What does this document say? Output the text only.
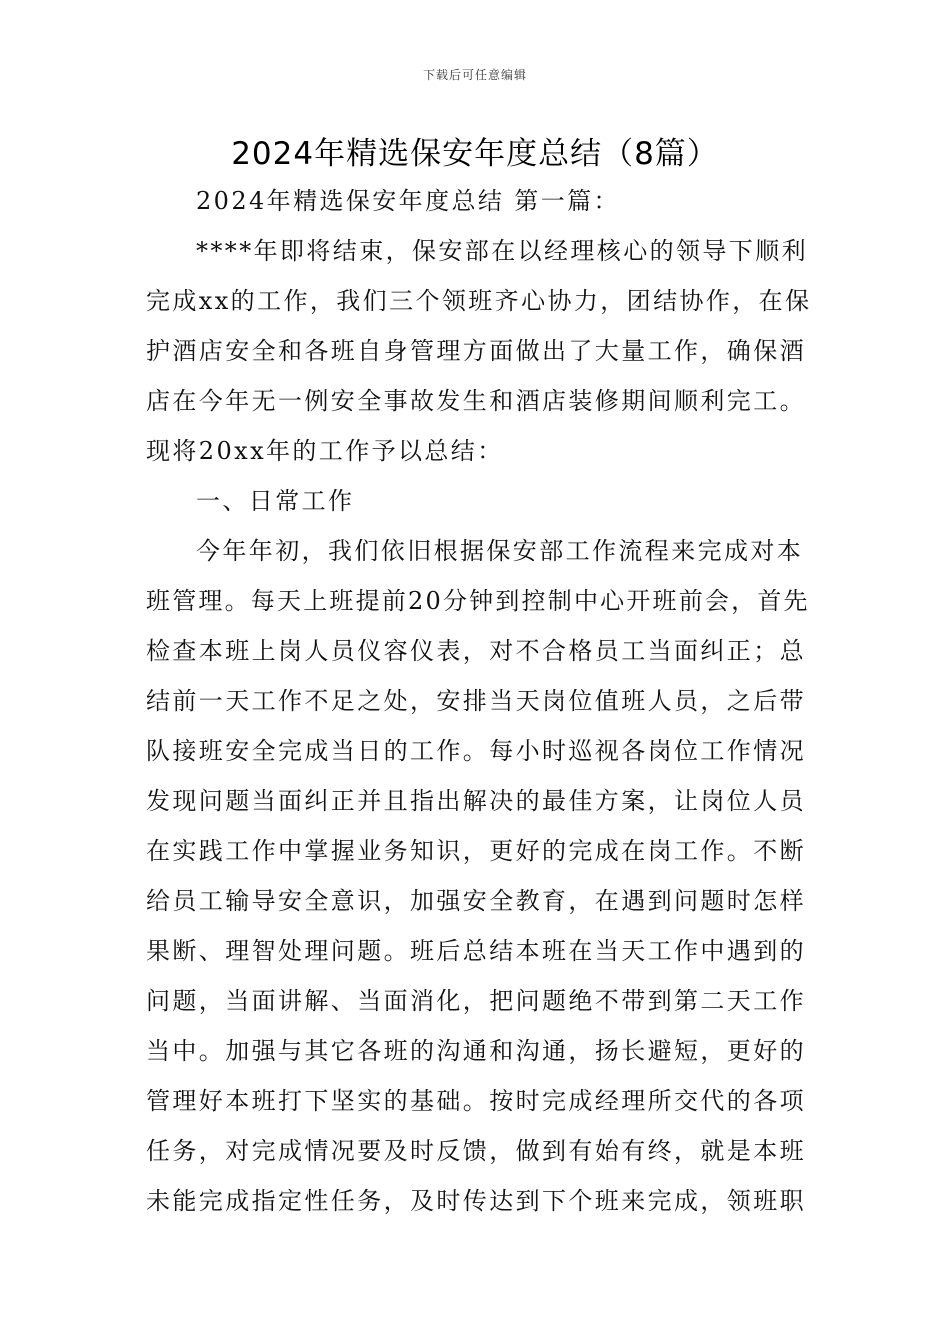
下载后可任意编辑
2024年精选保安年度总结（8篇）
2024年精选保安年度总结 第一篇：
****年即将结束，保安部在以经理核心的领导下顺利
完成xx的工作，我们三个领班齐心协力，团结协作，在保
护酒店安全和各班自身管理方面做出了大量工作，确保酒
店在今年无一例安全事故发生和酒店装修期间顺利完工。
现将20xx年的工作予以总结：
一、日常工作
今年年初，我们依旧根据保安部工作流程来完成对本
班管理。每天上班提前20分钟到控制中心开班前会，首先
检查本班上岗人员仪容仪表，对不合格员工当面纠正；总
结前一天工作不足之处，安排当天岗位值班人员，之后带
队接班安全完成当日的工作。每小时巡视各岗位工作情况
发现问题当面纠正并且指出解决的最佳方案，让岗位人员
在实践工作中掌握业务知识，更好的完成在岗工作。不断
给员工输导安全意识，加强安全教育，在遇到问题时怎样
果断、理智处理问题。班后总结本班在当天工作中遇到的
问题，当面讲解、当面消化，把问题绝不带到第二天工作
当中。加强与其它各班的沟通和沟通，扬长避短，更好的
管理好本班打下坚实的基础。按时完成经理所交代的各项
任务，对完成情况要及时反馈，做到有始有终，就是本班
未能完成指定性任务，及时传达到下个班来完成，领班职
